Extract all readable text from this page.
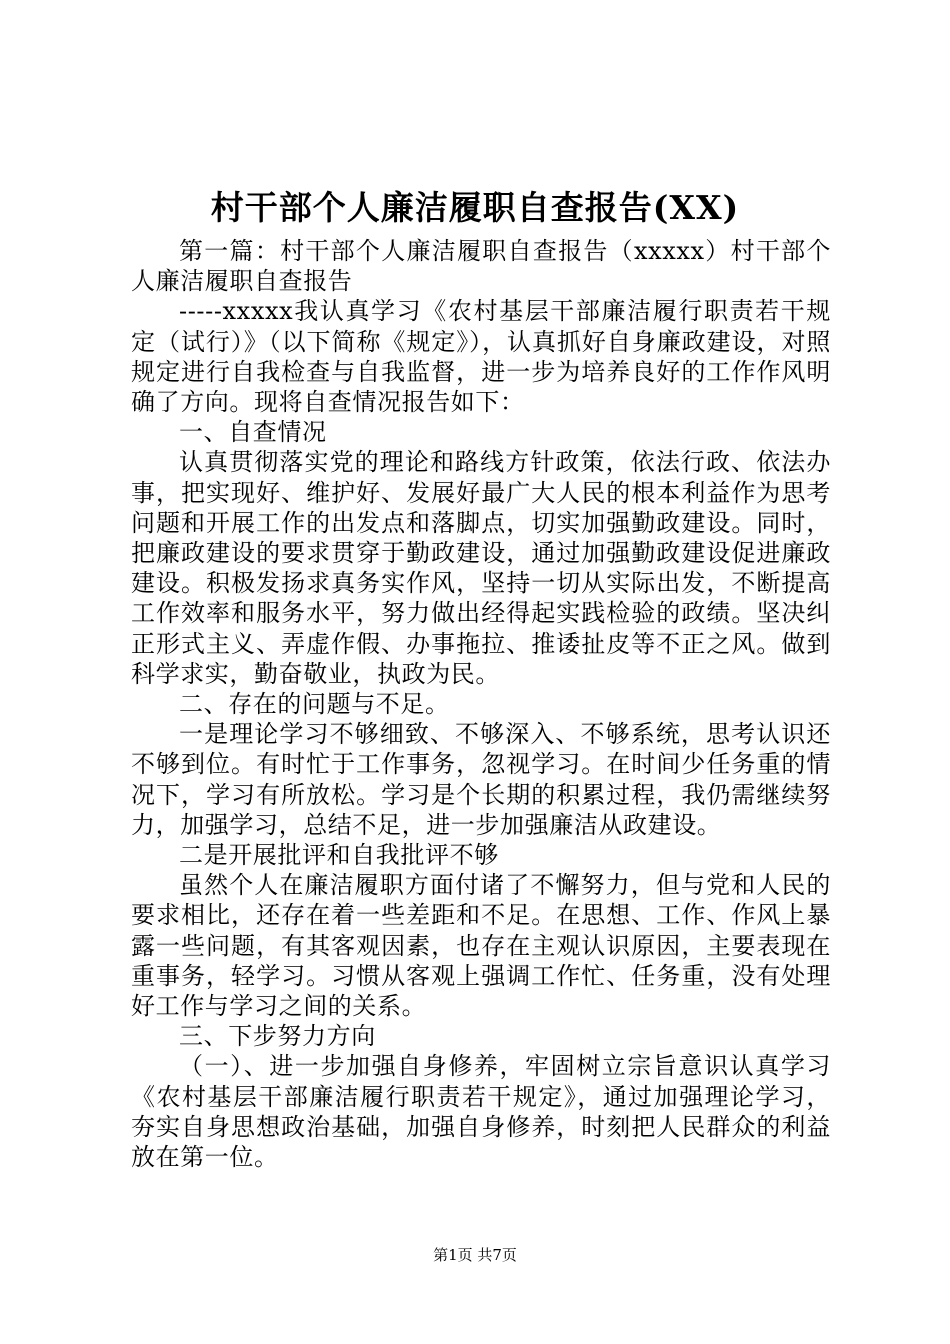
村干部个人廉洁履职自查报告(XX)

第一篇：村干部个人廉洁履职自查报告（xxxxx）村干部个人廉洁履职自查报告

-----xxxxx我认真学习《农村基层干部廉洁履行职责若干规定（试行）》（以下简称《规定》），认真抓好自身廉政建设，对照规定进行自我检查与自我监督，进一步为培养良好的工作作风明确了方向。现将自查情况报告如下：

一、自查情况

认真贯彻落实党的理论和路线方针政策，依法行政、依法办事，把实现好、维护好、发展好最广大人民的根本利益作为思考问题和开展工作的出发点和落脚点，切实加强勤政建设。同时，把廉政建设的要求贯穿于勤政建设，通过加强勤政建设促进廉政建设。积极发扬求真务实作风，坚持一切从实际出发，不断提高工作效率和服务水平，努力做出经得起实践检验的政绩。坚决纠正形式主义、弄虚作假、办事拖拉、推诿扯皮等不正之风。做到科学求实，勤奋敬业，执政为民。

二、存在的问题与不足。

一是理论学习不够细致、不够深入、不够系统，思考认识还不够到位。有时忙于工作事务，忽视学习。在时间少任务重的情况下，学习有所放松。学习是个长期的积累过程，我仍需继续努力，加强学习，总结不足，进一步加强廉洁从政建设。

二是开展批评和自我批评不够

虽然个人在廉洁履职方面付诸了不懈努力，但与党和人民的要求相比，还存在着一些差距和不足。在思想、工作、作风上暴露一些问题，有其客观因素，也存在主观认识原因，主要表现在重事务，轻学习。习惯从客观上强调工作忙、任务重，没有处理好工作与学习之间的关系。

三、下步努力方向

（一）、进一步加强自身修养，牢固树立宗旨意识认真学习《农村基层干部廉洁履行职责若干规定》，通过加强理论学习，夯实自身思想政治基础，加强自身修养，时刻把人民群众的利益放在第一位。

第1页 共7页
